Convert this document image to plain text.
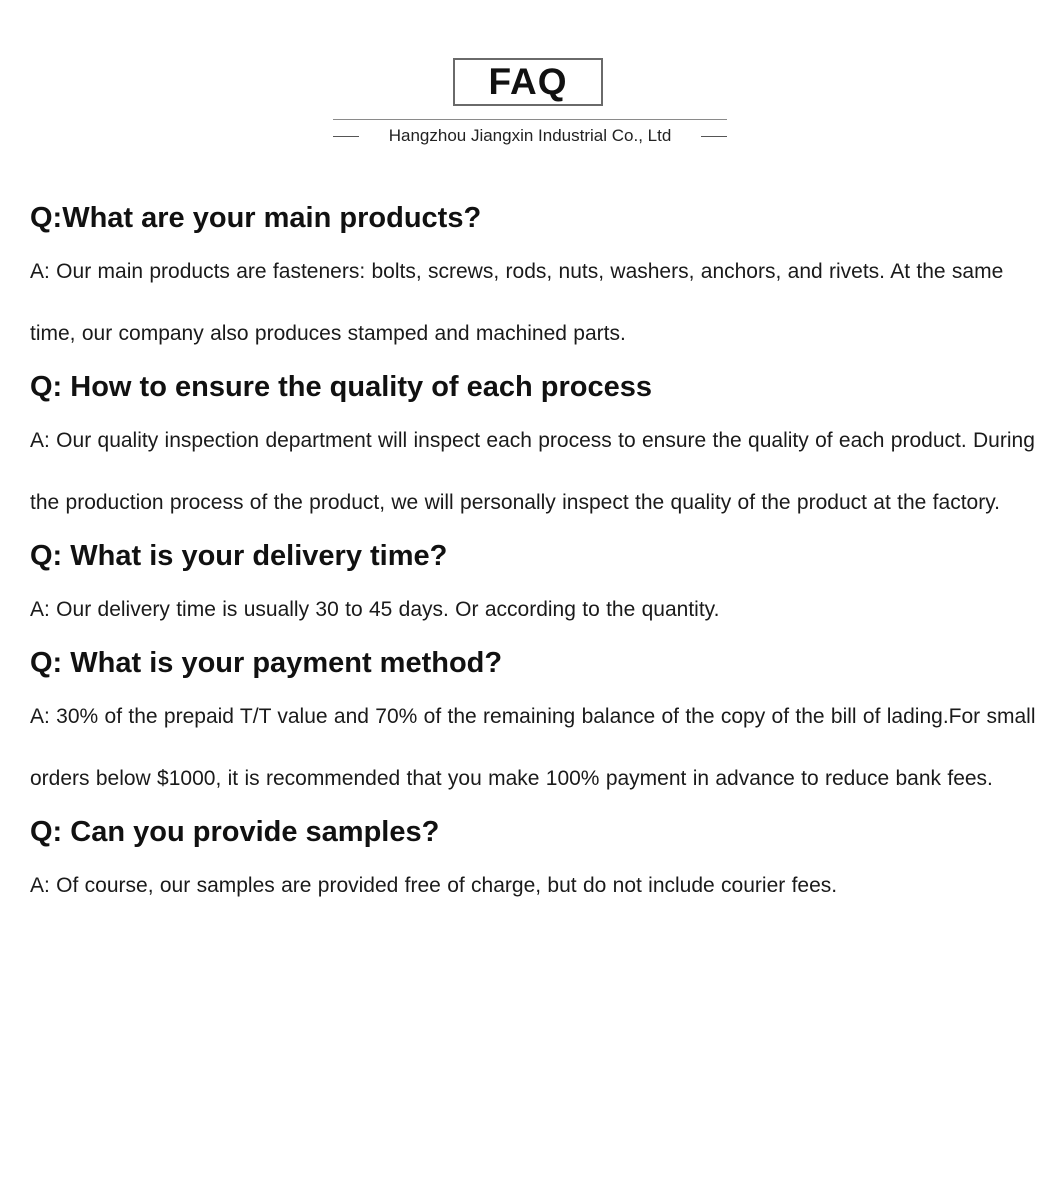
FAQ
Hangzhou Jiangxin Industrial Co., Ltd

Q:What are your main products?

A: Our main products are fasteners: bolts, screws, rods, nuts, washers, anchors, and rivets. At the same time, our company also produces stamped and machined parts.

Q: How to ensure the quality of each process

A: Our quality inspection department will inspect each process to ensure the quality of each product. During the production process of the product, we will personally inspect the quality of the product at the factory.

Q: What is your delivery time?

A: Our delivery time is usually 30 to 45 days. Or according to the quantity.

Q: What is your payment method?

A: 30% of the prepaid T/T value and 70% of the remaining balance of the copy of the bill of lading.For small orders below $1000, it is recommended that you make 100% payment in advance to reduce bank fees.

Q: Can you provide samples?

A: Of course, our samples are provided free of charge, but do not include courier fees.
